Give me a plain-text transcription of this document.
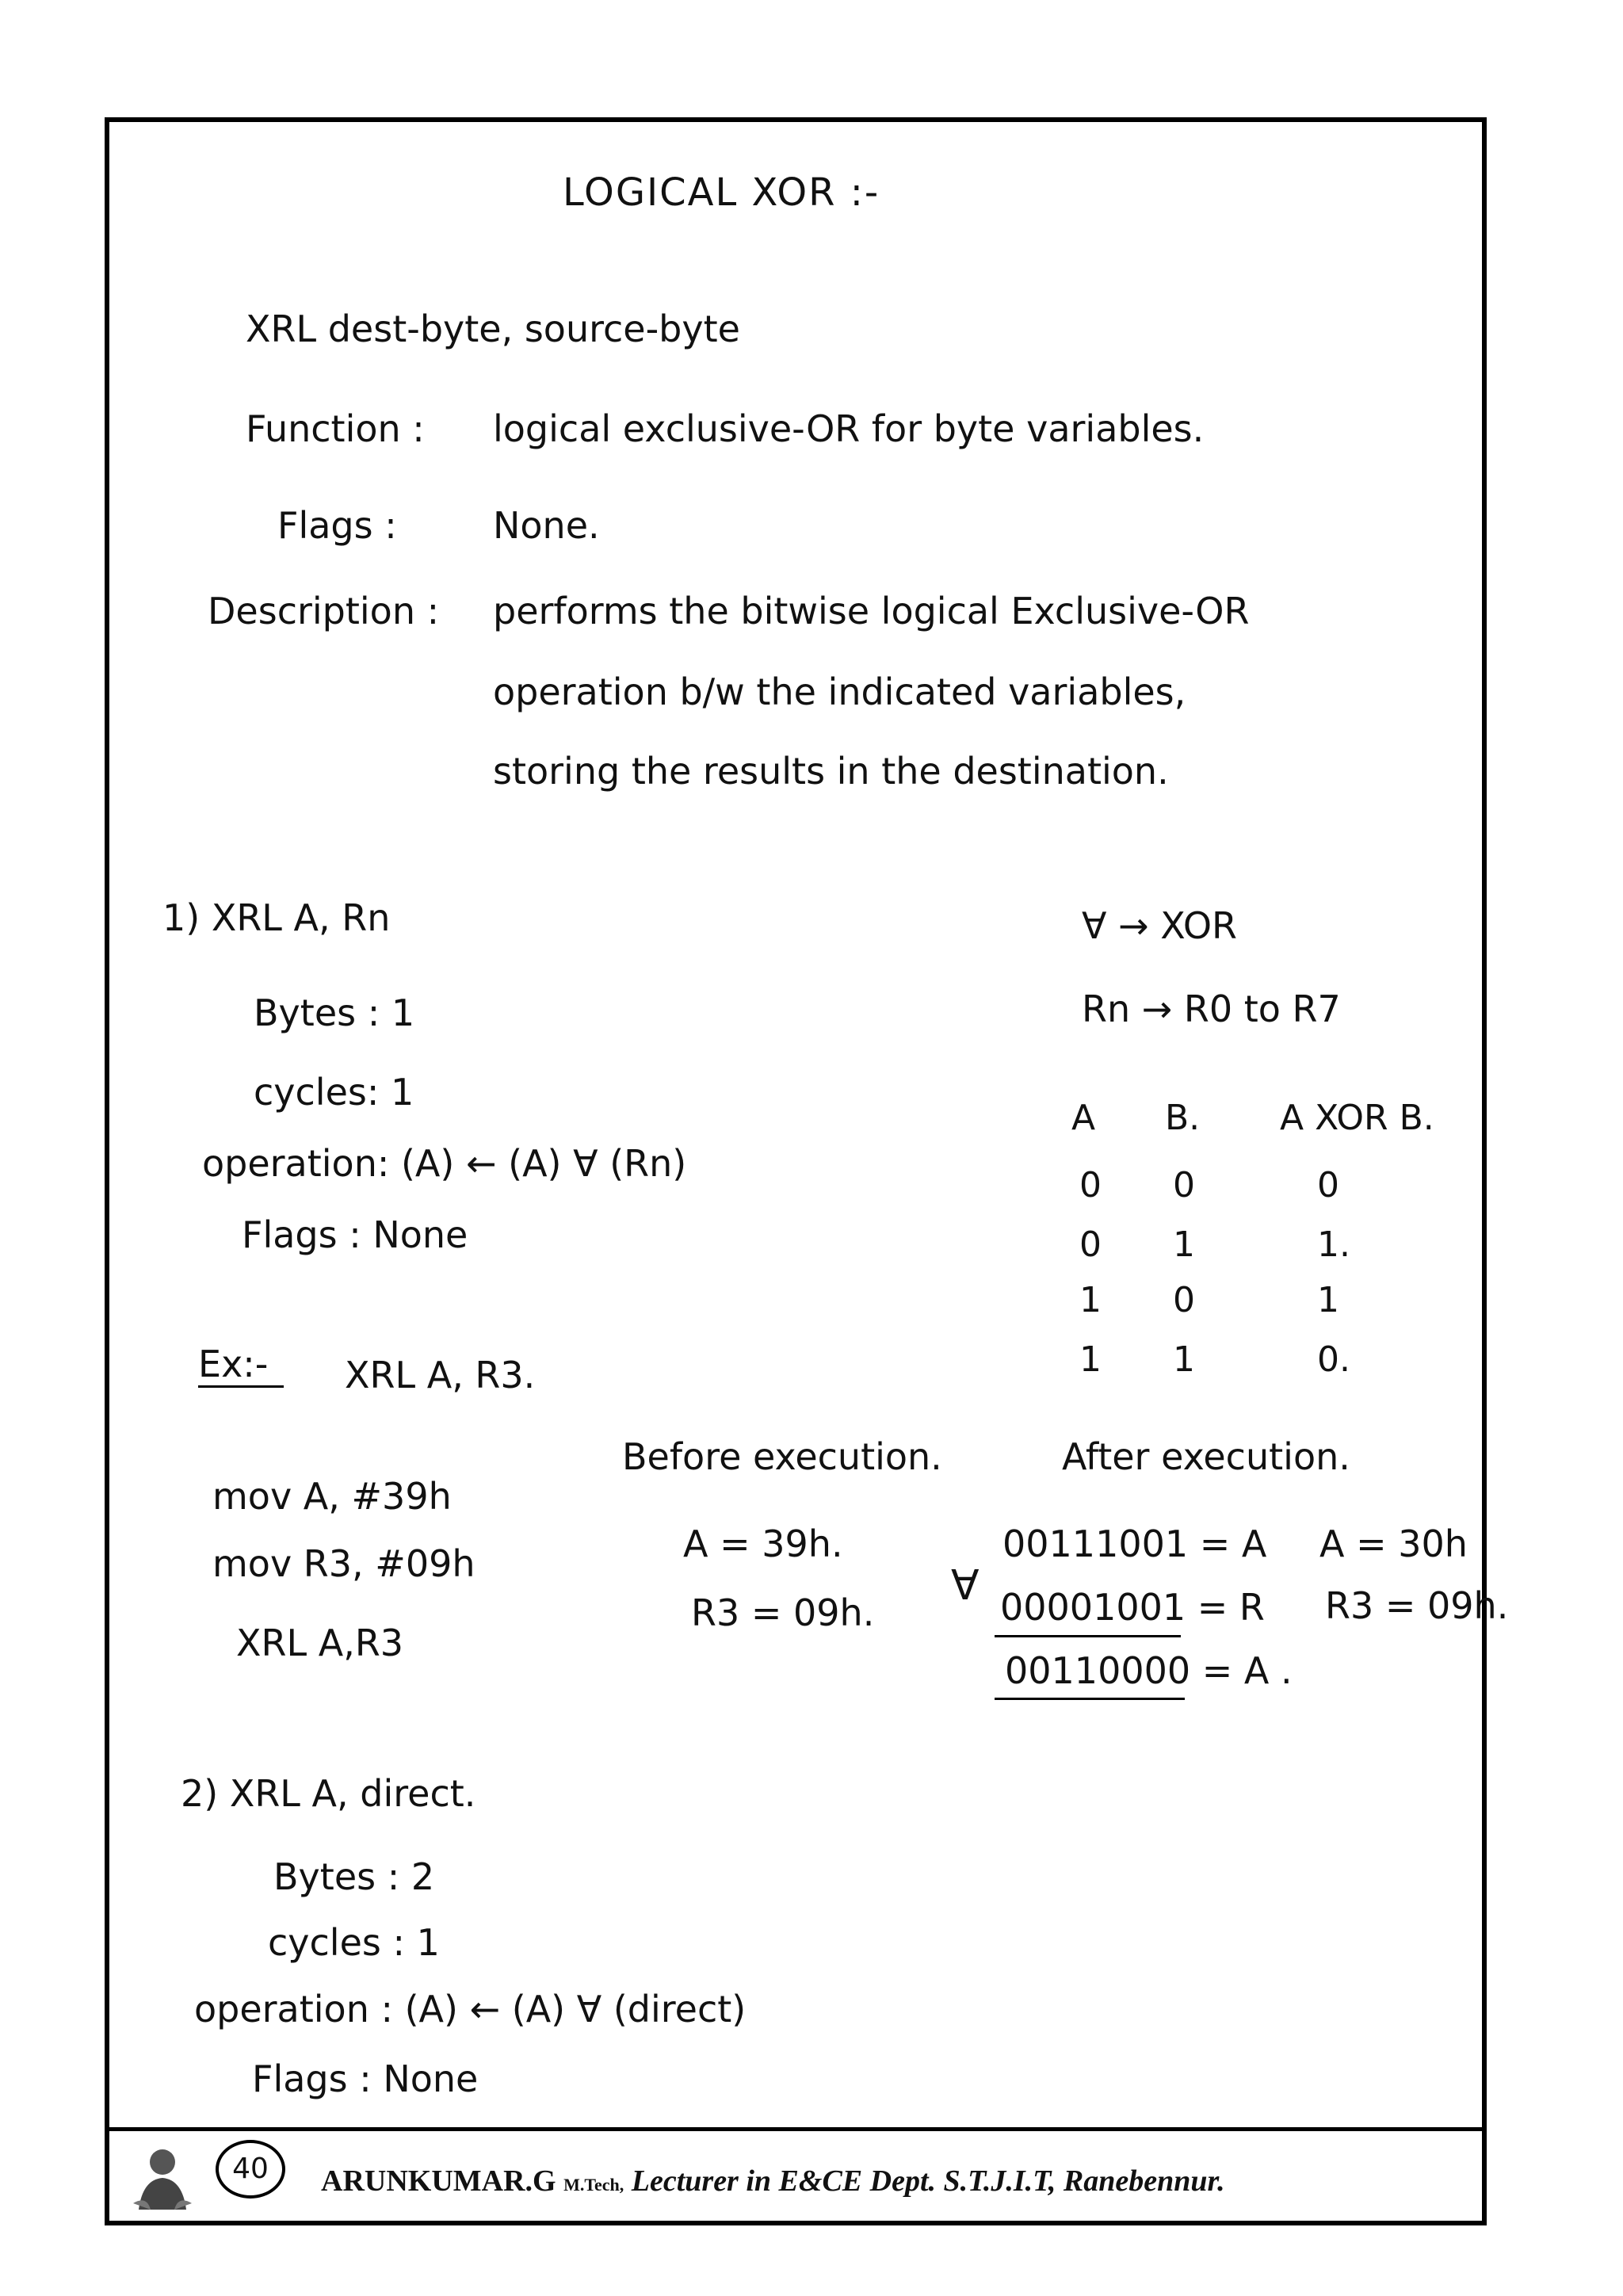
LOGICAL XOR :-
XRL dest-byte, source-byte
Function : logical exclusive-OR for byte variables.
Flags :	None.
Description : performs the bitwise logical Exclusive-OR
operation b/w the indicated variables,
storing the results in the destination.
1) XRL A, Rn
Bytes : 1
cycles: 1
operation: (A) ← (A) ∀ (Rn)
Flags : None
∀ → XOR
Rn → R0 to R7
A B. A XOR B.
0 0	0
0 1	1.
1 0	1
1 1	0.
Ex:- XRL A, R3.
mov A, #39h
mov R3, #09h
XRL A,R3
Before execution.
A = 39h.
R3 = 09h.
After execution.
∀
00111001 = A
00001001 = R
00110000 = A .
A = 30h
R3 = 09h.
2) XRL A, direct.
Bytes : 2
cycles : 1
operation : (A) ← (A) ∀ (direct)
Flags : None
40	ARUNKUMAR.G M.Tech, Lecturer in E&CE Dept. S.T.J.I.T, Ranebennur.
